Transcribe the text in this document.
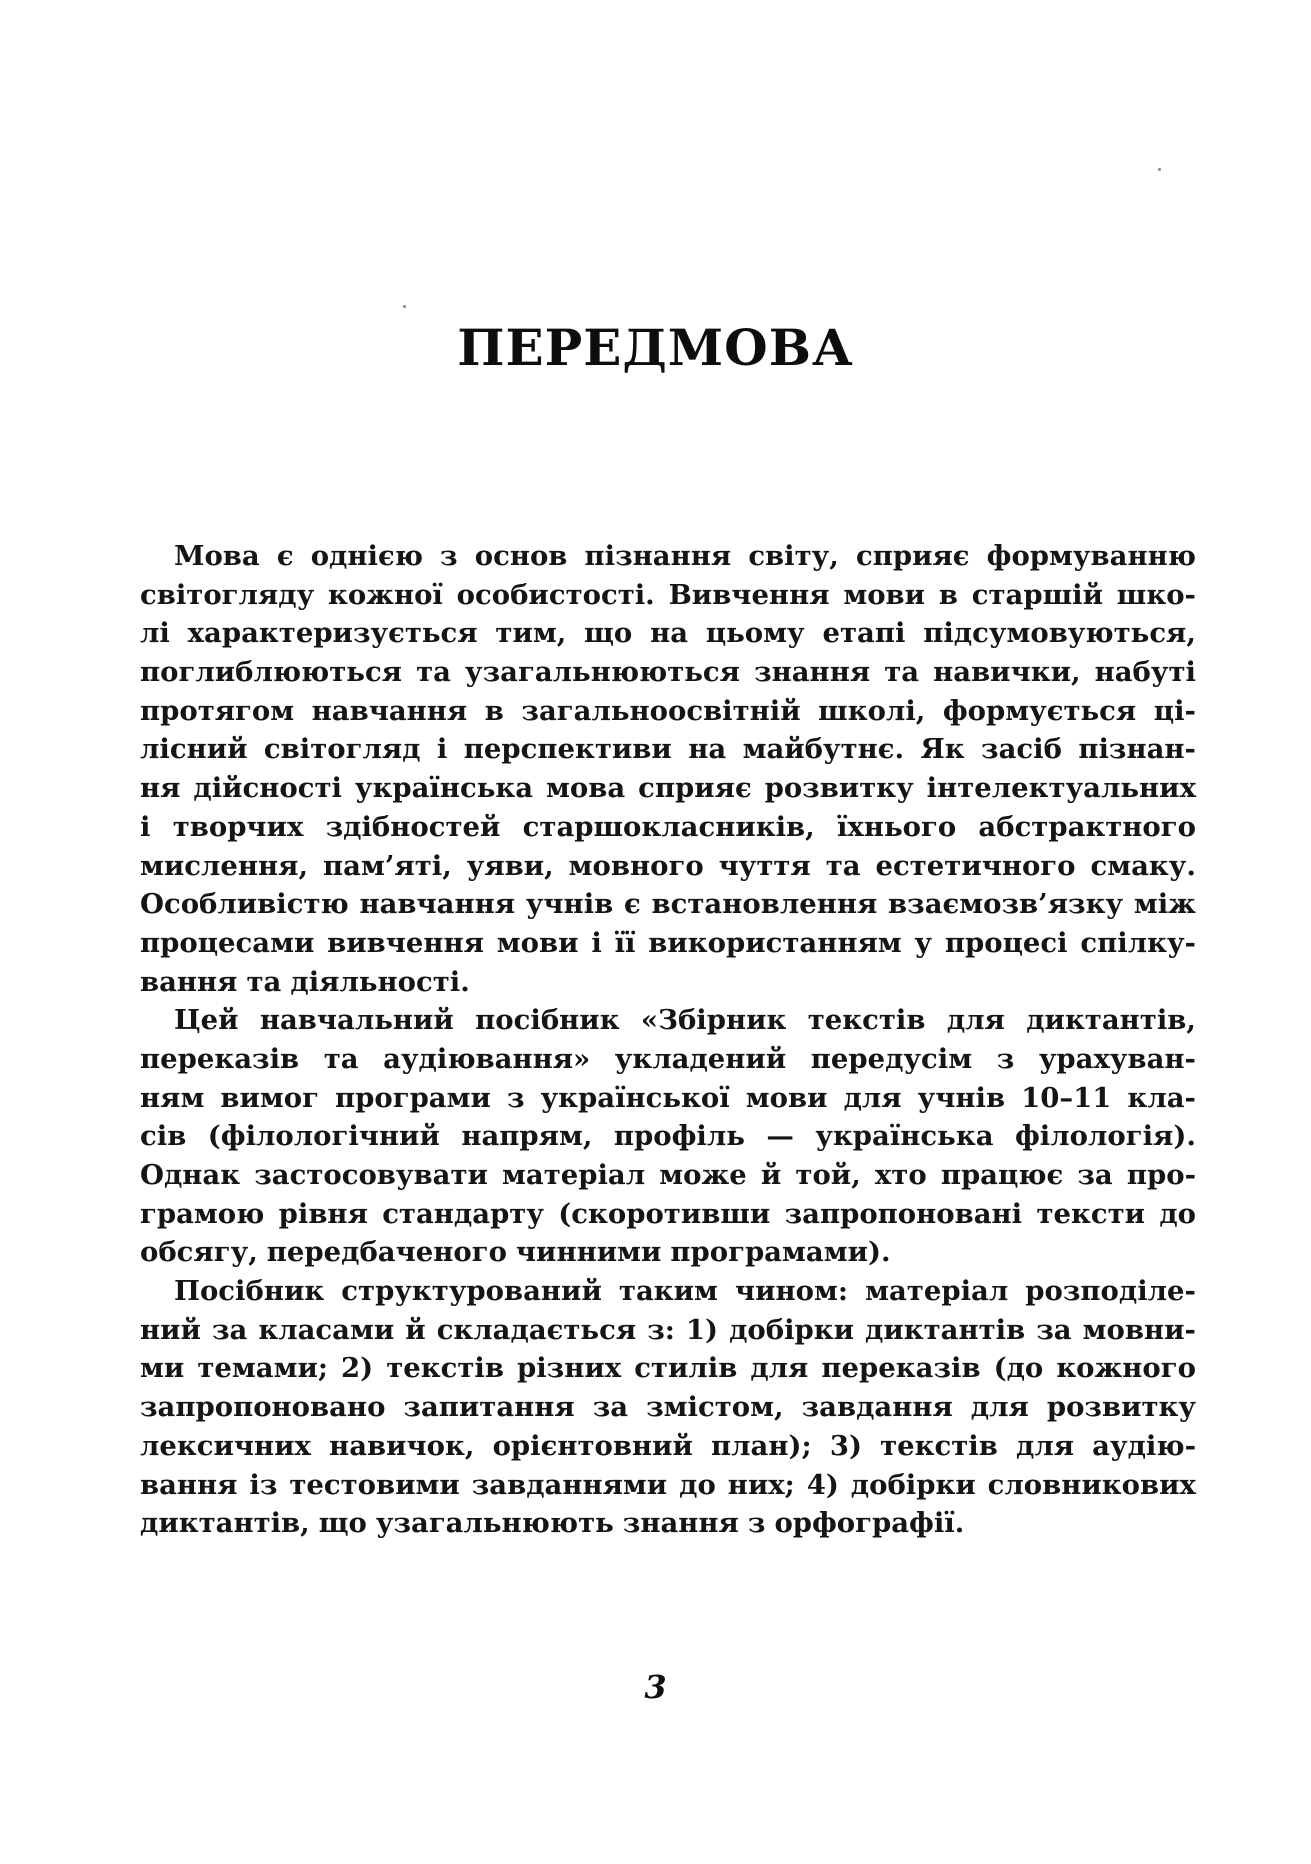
ПЕРЕДМОВА
Мова є однією з основ пізнання світу, сприяє формуванню
світогляду кожної особистості. Вивчення мови в старшій шко-
лі характеризується тим, що на цьому етапі підсумовуються,
поглиблюються та узагальнюються знання та навички, набуті
протягом навчання в загальноосвітній школі, формується ці-
лісний світогляд і перспективи на майбутнє. Як засіб пізнан-
ня дійсності українська мова сприяє розвитку інтелектуальних
і творчих здібностей старшокласників, їхнього абстрактного
мислення, пам’яті, уяви, мовного чуття та естетичного смаку.
Особливістю навчання учнів є встановлення взаємозв’язку між
процесами вивчення мови і її використанням у процесі спілку-
вання та діяльності.
Цей навчальний посібник «Збірник текстів для диктантів,
переказів та аудіювання» укладений передусім з урахуван-
ням вимог програми з української мови для учнів 10–11 кла-
сів (філологічний напрям, профіль — українська філологія).
Однак застосовувати матеріал може й той, хто працює за про-
грамою рівня стандарту (скоротивши запропоновані тексти до
обсягу, передбаченого чинними програмами).
Посібник структурований таким чином: матеріал розподіле-
ний за класами й складається з: 1) добірки диктантів за мовни-
ми темами; 2) текстів різних стилів для переказів (до кожного
запропоновано запитання за змістом, завдання для розвитку
лексичних навичок, орієнтовний план); 3) текстів для аудію-
вання із тестовими завданнями до них; 4) добірки словникових
диктантів, що узагальнюють знання з орфографії.
3
